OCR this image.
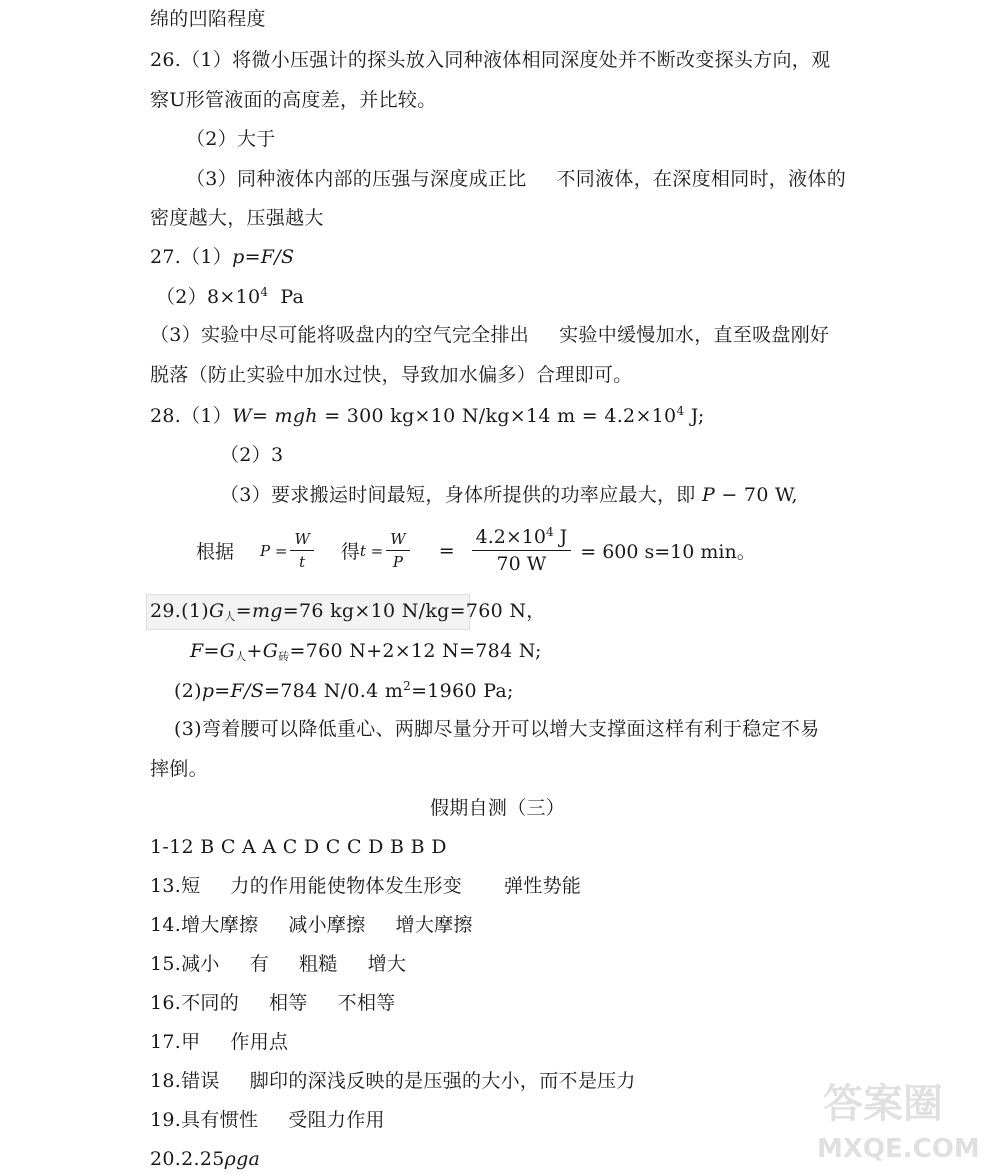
绵的凹陷程度
26.（1）将微小压强计的探头放入同种液体相同深度处并不断改变探头方向，观
察U形管液面的高度差，并比较。
（2）大于
（3）同种液体内部的压强与深度成正比 不同液体，在深度相同时，液体的
密度越大，压强越大
27.（1）p=F/S
$(2)8\times 10^4$ Pa
（3）实验中尽可能将吸盘内的空气完全排出 实验中缓慢加水，直至吸盘刚好
脱落（防止实验中加水过快，导致加水偏多）合理即可。
28.（1）W= mgh = 300 kg×10 N/kg×14 $m = 4.2\times 10^4$ J;
（2）3
（3）要求搬运时间最短，身体所提供的功率应最大，即 P − 70 W,
根据 $P = \frac{W}{t}$ 得 $t = \frac{W}{P} = \frac{4.2\times 10^4 J}{70 W} = 600$ s=10 min。
$29.(1)G_人=mg=76$ kg×10 N/kg=760 N，
$F=G_人+G_砖=760$ N+2×12 N=784 N;
(2)p=F/S=784 N/0.4 $m^2=1960$ Pa;
(3)弯着腰可以降低重心、两脚尽量分开可以增大支撑面这样有利于稳定不易
摔倒。
假期自测（三）
1-12 B C A A C D C C D B B D
13.短 力的作用能使物体发生形变 弹性势能
14.增大摩擦 减小摩擦 增大摩擦
15.减小 有 粗糙 增大
16.不同的 相等 不相等
17.甲 作用点
18.错误 脚印的深浅反映的是压强的大小，而不是压力
19.具有惯性 受阻力作用
20.2.25ρga
答案圈
MXQE.COM
